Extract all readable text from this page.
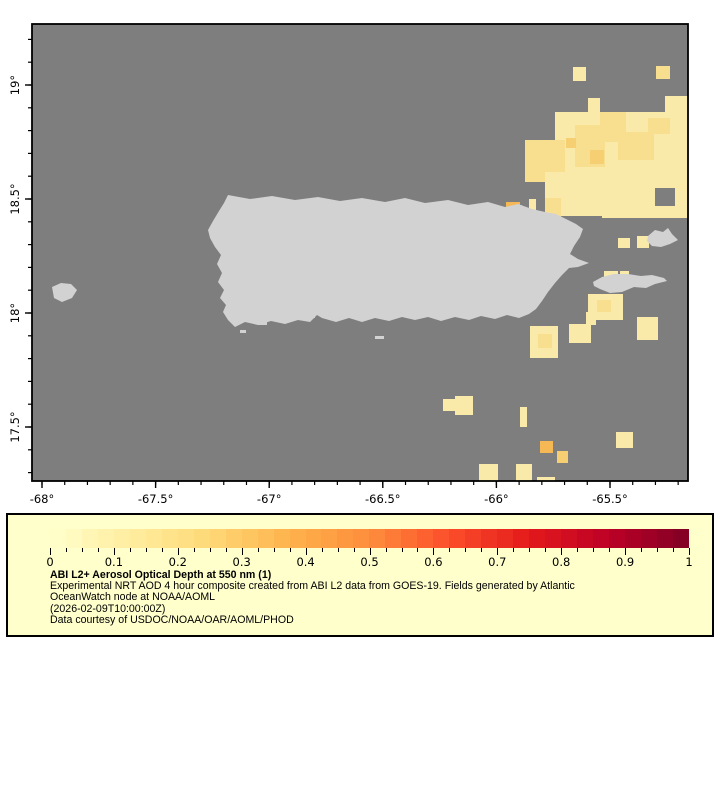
19°
18.5°
18°
17.5°
-68°	-67.5°	-67°	-66.5°	-66°	-65.5°
0	0.1	0.2	0.3	0.4	0.5	0.6	0.7	0.8	0.9	1
ABI L2+ Aerosol Optical Depth at 550 nm (1)
Experimental NRT AOD 4 hour composite created from ABI L2 data from GOES-19. Fields generated by Atlantic
OceanWatch node at NOAA/AOML
(2026-02-09T10:00:00Z)
Data courtesy of USDOC/NOAA/OAR/AOML/PHOD
